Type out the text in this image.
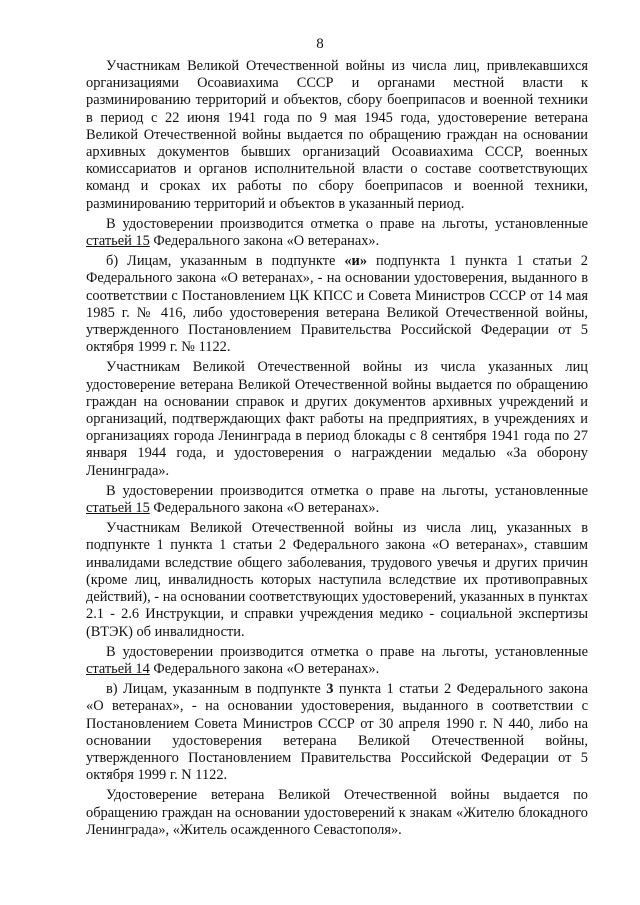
8

Участникам Великой Отечественной войны из числа лиц, привлекавшихся организациями Осоавиахима СССР и органами местной власти к разминированию территорий и объектов, сбору боеприпасов и военной техники в период с 22 июня 1941 года по 9 мая 1945 года, удостоверение ветерана Великой Отечественной войны выдается по обращению граждан на основании архивных документов бывших организаций Осоавиахима СССР, военных комиссариатов и органов исполнительной власти о составе соответствующих команд и сроках их работы по сбору боеприпасов и военной техники, разминированию территорий и объектов в указанный период.

В удостоверении производится отметка о праве на льготы, установленные статьей 15 Федерального закона «О ветеранах».

б) Лицам, указанным в подпункте «и» подпункта 1 пункта 1 статьи 2 Федерального закона «О ветеранах», - на основании удостоверения, выданного в соответствии с Постановлением ЦК КПСС и Совета Министров СССР от 14 мая 1985 г. № 416, либо удостоверения ветерана Великой Отечественной войны, утвержденного Постановлением Правительства Российской Федерации от 5 октября 1999 г. № 1122.

Участникам Великой Отечественной войны из числа указанных лиц удостоверение ветерана Великой Отечественной войны выдается по обращению граждан на основании справок и других документов архивных учреждений и организаций, подтверждающих факт работы на предприятиях, в учреждениях и организациях города Ленинграда в период блокады с 8 сентября 1941 года по 27 января 1944 года, и удостоверения о награждении медалью «За оборону Ленинграда».

В удостоверении производится отметка о праве на льготы, установленные статьей 15 Федерального закона «О ветеранах».

Участникам Великой Отечественной войны из числа лиц, указанных в подпункте 1 пункта 1 статьи 2 Федерального закона «О ветеранах», ставшим инвалидами вследствие общего заболевания, трудового увечья и других причин (кроме лиц, инвалидность которых наступила вследствие их противоправных действий), - на основании соответствующих удостоверений, указанных в пунктах 2.1 - 2.6 Инструкции, и справки учреждения медико - социальной экспертизы (ВТЭК) об инвалидности.

В удостоверении производится отметка о праве на льготы, установленные статьей 14 Федерального закона «О ветеранах».

в) Лицам, указанным в подпункте 3 пункта 1 статьи 2 Федерального закона «О ветеранах», - на основании удостоверения, выданного в соответствии с Постановлением Совета Министров СССР от 30 апреля 1990 г. N 440, либо на основании удостоверения ветерана Великой Отечественной войны, утвержденного Постановлением Правительства Российской Федерации от 5 октября 1999 г. N 1122.

Удостоверение ветерана Великой Отечественной войны выдается по обращению граждан на основании удостоверений к знакам «Жителю блокадного Ленинграда», «Житель осажденного Севастополя».
